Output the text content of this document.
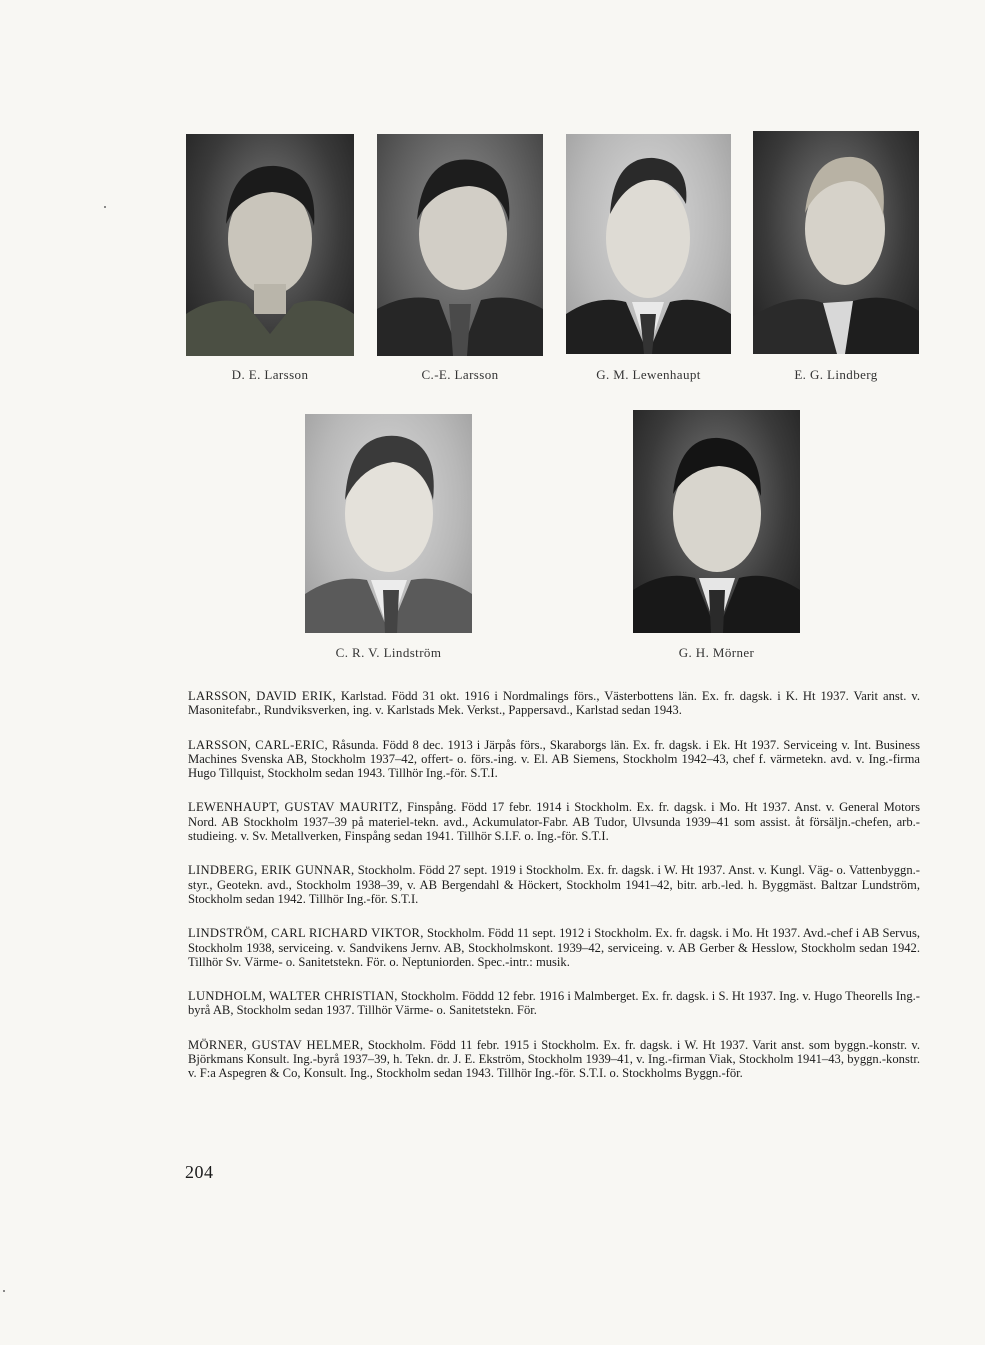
D. E. Larsson	C.-E. Larsson	G. M. Lewenhaupt	E. G. Lindberg
C. R. V. Lindström	G. H. Mörner

LARSSON, DAVID ERIK, Karlstad. Född 31 okt. 1916 i Nordmalings förs., Västerbottens län. Ex. fr. dagsk. i K. Ht 1937. Varit anst. v. Masonitefabr., Rundviksverken, ing. v. Karlstads Mek. Verkst., Pappersavd., Karlstad sedan 1943.

LARSSON, CARL-ERIC, Råsunda. Född 8 dec. 1913 i Järpås förs., Skaraborgs län. Ex. fr. dagsk. i Ek. Ht 1937. Serviceing v. Int. Business Machines Svenska AB, Stockholm 1937–42, offert- o. förs.-ing. v. El. AB Siemens, Stockholm 1942–43, chef f. värmetekn. avd. v. Ing.-firma Hugo Tillquist, Stockholm sedan 1943. Tillhör Ing.-för. S.T.I.

LEWENHAUPT, GUSTAV MAURITZ, Finspång. Född 17 febr. 1914 i Stockholm. Ex. fr. dagsk. i Mo. Ht 1937. Anst. v. General Motors Nord. AB Stockholm 1937–39 på materiel-tekn. avd., Ackumulator-Fabr. AB Tudor, Ulvsunda 1939–41 som assist. åt försäljn.-chefen, arb.-studieing. v. Sv. Metallverken, Finspång sedan 1941. Tillhör S.I.F. o. Ing.-för. S.T.I.

LINDBERG, ERIK GUNNAR, Stockholm. Född 27 sept. 1919 i Stockholm. Ex. fr. dagsk. i W. Ht 1937. Anst. v. Kungl. Väg- o. Vattenbyggn.-styr., Geotekn. avd., Stockholm 1938–39, v. AB Bergendahl & Höckert, Stockholm 1941–42, bitr. arb.-led. h. Byggmäst. Baltzar Lundström, Stockholm sedan 1942. Tillhör Ing.-för. S.T.I.

LINDSTRÖM, CARL RICHARD VIKTOR, Stockholm. Född 11 sept. 1912 i Stockholm. Ex. fr. dagsk. i Mo. Ht 1937. Avd.-chef i AB Servus, Stockholm 1938, serviceing. v. Sandvikens Jernv. AB, Stockholmskont. 1939–42, serviceing. v. AB Gerber & Hesslow, Stockholm sedan 1942. Tillhör Sv. Värme- o. Sanitetstekn. För. o. Neptuniorden. Spec.-intr.: musik.

LUNDHOLM, WALTER CHRISTIAN, Stockholm. Föddd 12 febr. 1916 i Malmberget. Ex. fr. dagsk. i S. Ht 1937. Ing. v. Hugo Theorells Ing.-byrå AB, Stockholm sedan 1937. Tillhör Värme- o. Sanitetstekn. För.

MÖRNER, GUSTAV HELMER, Stockholm. Född 11 febr. 1915 i Stockholm. Ex. fr. dagsk. i W. Ht 1937. Varit anst. som byggn.-konstr. v. Björkmans Konsult. Ing.-byrå 1937–39, h. Tekn. dr. J. E. Ekström, Stockholm 1939–41, v. Ing.-firman Viak, Stockholm 1941–43, byggn.-konstr. v. F:a Aspegren & Co, Konsult. Ing., Stockholm sedan 1943. Tillhör Ing.-för. S.T.I. o. Stockholms Byggn.-för.

204
